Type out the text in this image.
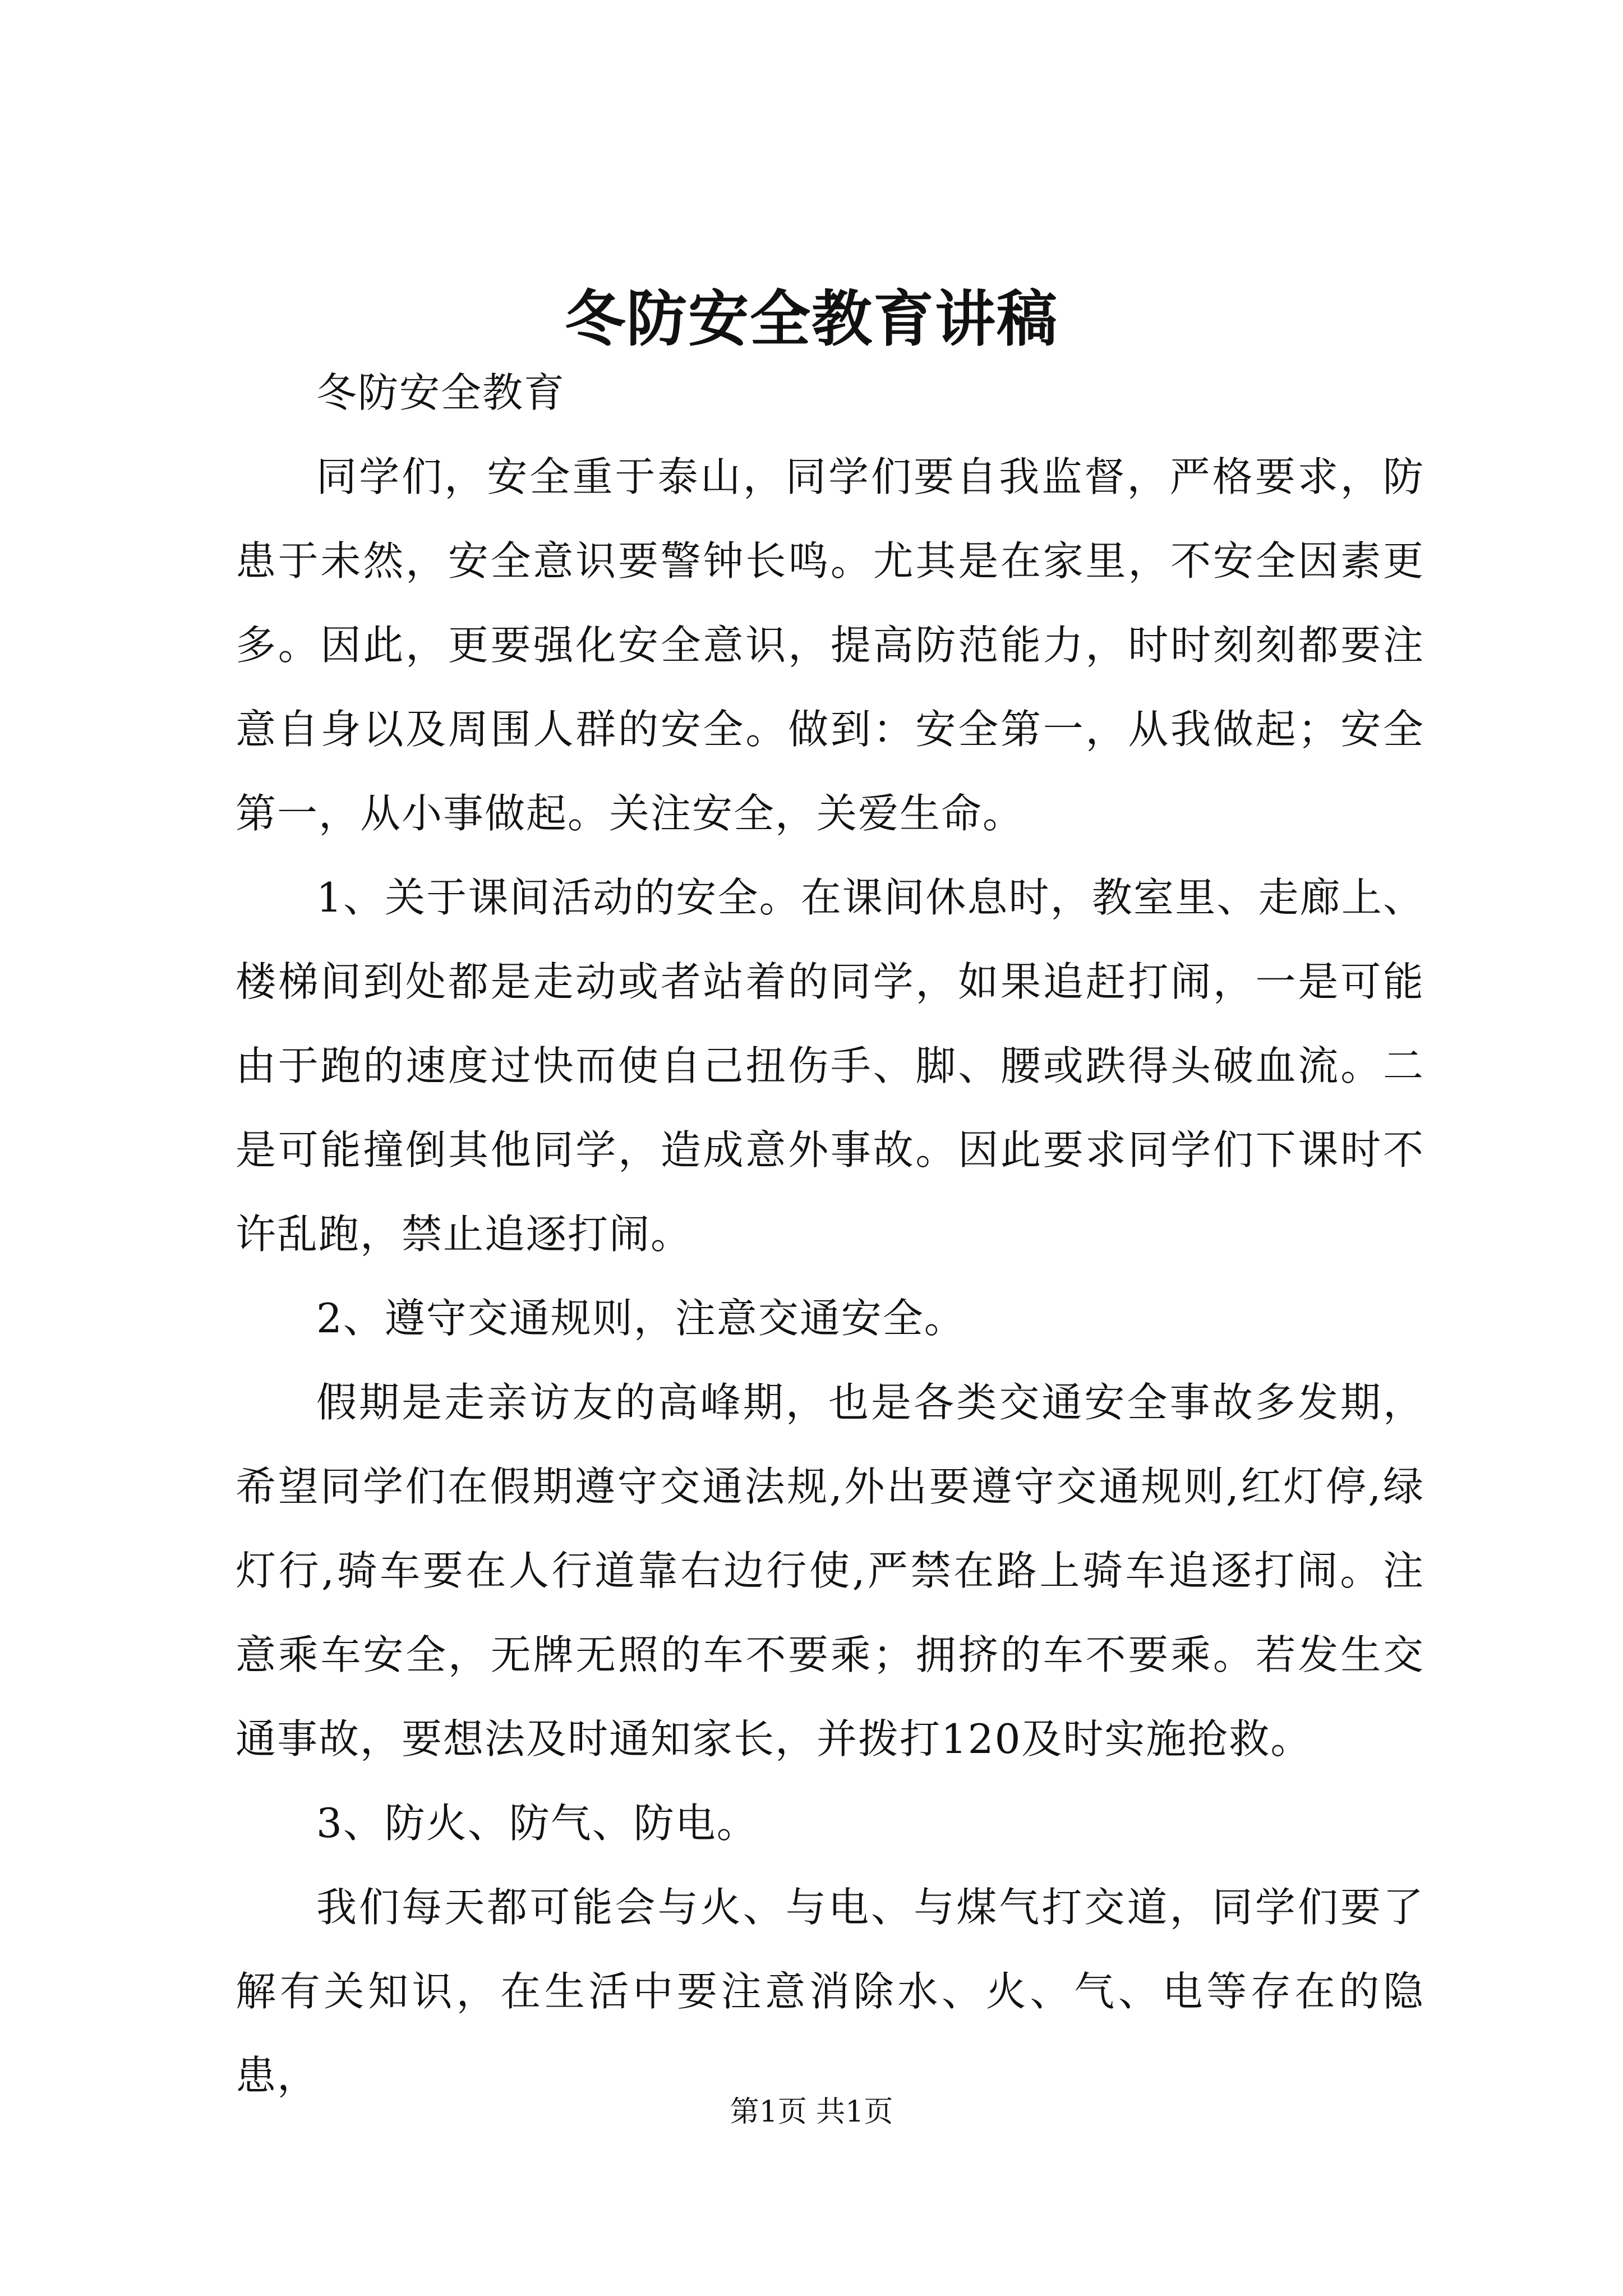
冬防安全教育讲稿

冬防安全教育

同学们，安全重于泰山，同学们要自我监督，严格要求，防患于未然，安全意识要警钟长鸣。尤其是在家里，不安全因素更多。因此，更要强化安全意识，提高防范能力，时时刻刻都要注意自身以及周围人群的安全。做到：安全第一，从我做起；安全第一，从小事做起。关注安全，关爱生命。

1、关于课间活动的安全。在课间休息时，教室里、走廊上、楼梯间到处都是走动或者站着的同学，如果追赶打闹，一是可能由于跑的速度过快而使自己扭伤手、脚、腰或跌得头破血流。二是可能撞倒其他同学，造成意外事故。因此要求同学们下课时不许乱跑，禁止追逐打闹。

2、遵守交通规则，注意交通安全。

假期是走亲访友的高峰期，也是各类交通安全事故多发期，希望同学们在假期遵守交通法规,外出要遵守交通规则,红灯停,绿灯行,骑车要在人行道靠右边行使,严禁在路上骑车追逐打闹。注意乘车安全，无牌无照的车不要乘；拥挤的车不要乘。若发生交通事故，要想法及时通知家长，并拨打120及时实施抢救。

3、防火、防气、防电。

我们每天都可能会与火、与电、与煤气打交道，同学们要了解有关知识，在生活中要注意消除水、火、气、电等存在的隐患，

第1页 共1页
